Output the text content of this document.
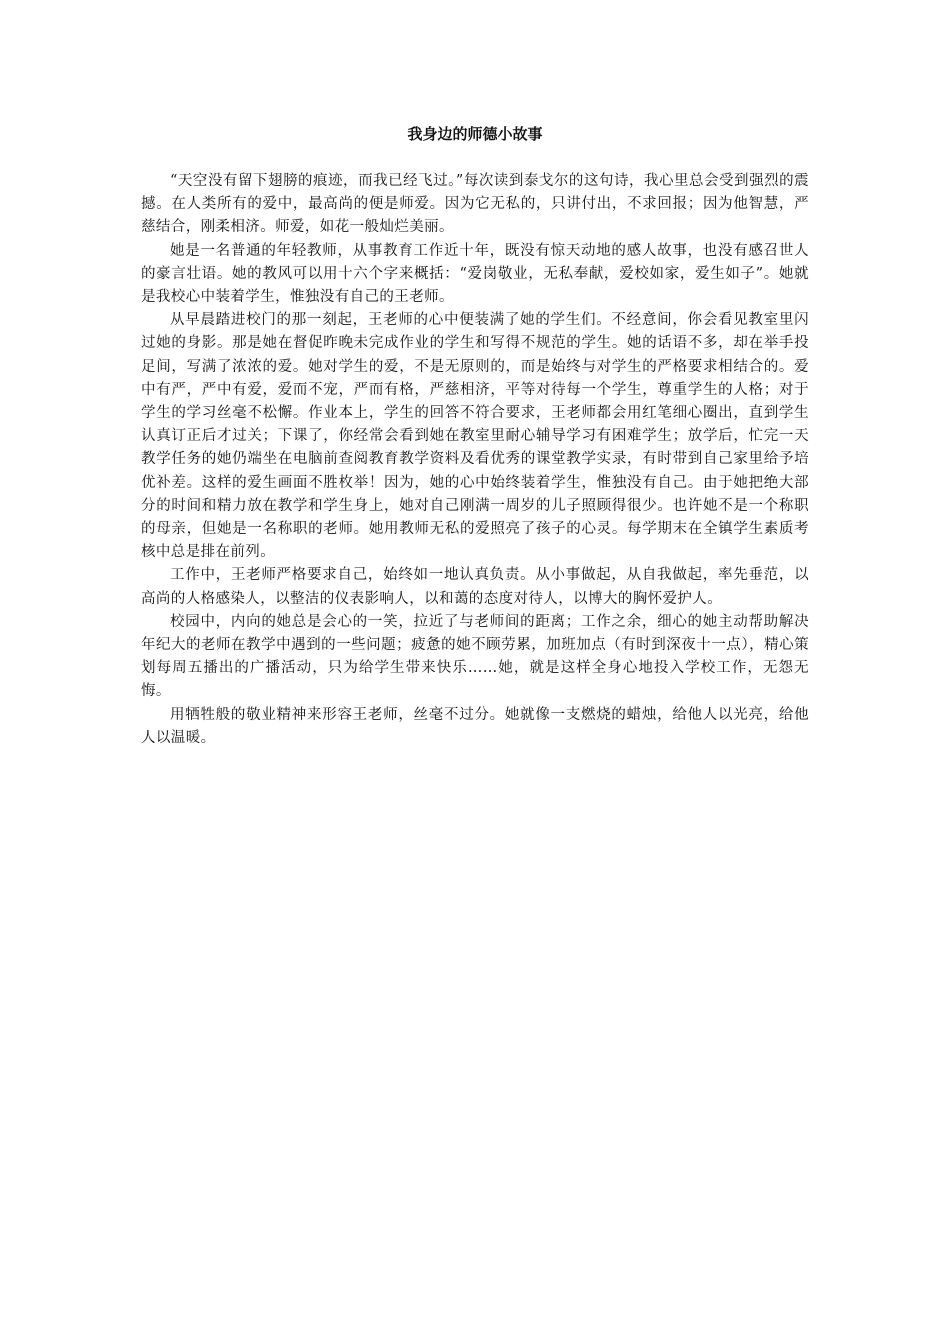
我身边的师德小故事

“天空没有留下翅膀的痕迹，而我已经飞过。”每次读到泰戈尔的这句诗，我心里总会受到强烈的震撼。在人类所有的爱中，最高尚的便是师爱。因为它无私的，只讲付出，不求回报；因为他智慧，严慈结合，刚柔相济。师爱，如花一般灿烂美丽。

她是一名普通的年轻教师，从事教育工作近十年，既没有惊天动地的感人故事，也没有感召世人的豪言壮语。她的教风可以用十六个字来概括：“爱岗敬业，无私奉献，爱校如家，爱生如子”。她就是我校心中装着学生，惟独没有自己的王老师。

从早晨踏进校门的那一刻起，王老师的心中便装满了她的学生们。不经意间，你会看见教室里闪过她的身影。那是她在督促昨晚未完成作业的学生和写得不规范的学生。她的话语不多，却在举手投足间，写满了浓浓的爱。她对学生的爱，不是无原则的，而是始终与对学生的严格要求相结合的。爱中有严，严中有爱，爱而不宠，严而有格，严慈相济，平等对待每一个学生，尊重学生的人格；对于学生的学习丝毫不松懈。作业本上，学生的回答不符合要求，王老师都会用红笔细心圈出，直到学生认真订正后才过关；下课了，你经常会看到她在教室里耐心辅导学习有困难学生；放学后，忙完一天教学任务的她仍端坐在电脑前查阅教育教学资料及看优秀的课堂教学实录，有时带到自己家里给予培优补差。这样的爱生画面不胜枚举！因为，她的心中始终装着学生，惟独没有自己。由于她把绝大部分的时间和精力放在教学和学生身上，她对自己刚满一周岁的儿子照顾得很少。也许她不是一个称职的母亲，但她是一名称职的老师。她用教师无私的爱照亮了孩子的心灵。每学期末在全镇学生素质考核中总是排在前列。

工作中，王老师严格要求自己，始终如一地认真负责。从小事做起，从自我做起，率先垂范，以高尚的人格感染人，以整洁的仪表影响人，以和蔼的态度对待人，以博大的胸怀爱护人。

校园中，内向的她总是会心的一笑，拉近了与老师间的距离；工作之余，细心的她主动帮助解决年纪大的老师在教学中遇到的一些问题；疲惫的她不顾劳累，加班加点（有时到深夜十一点），精心策划每周五播出的广播活动，只为给学生带来快乐……她，就是这样全身心地投入学校工作，无怨无悔。

用牺牲般的敬业精神来形容王老师，丝毫不过分。她就像一支燃烧的蜡烛，给他人以光亮，给他人以温暖。
